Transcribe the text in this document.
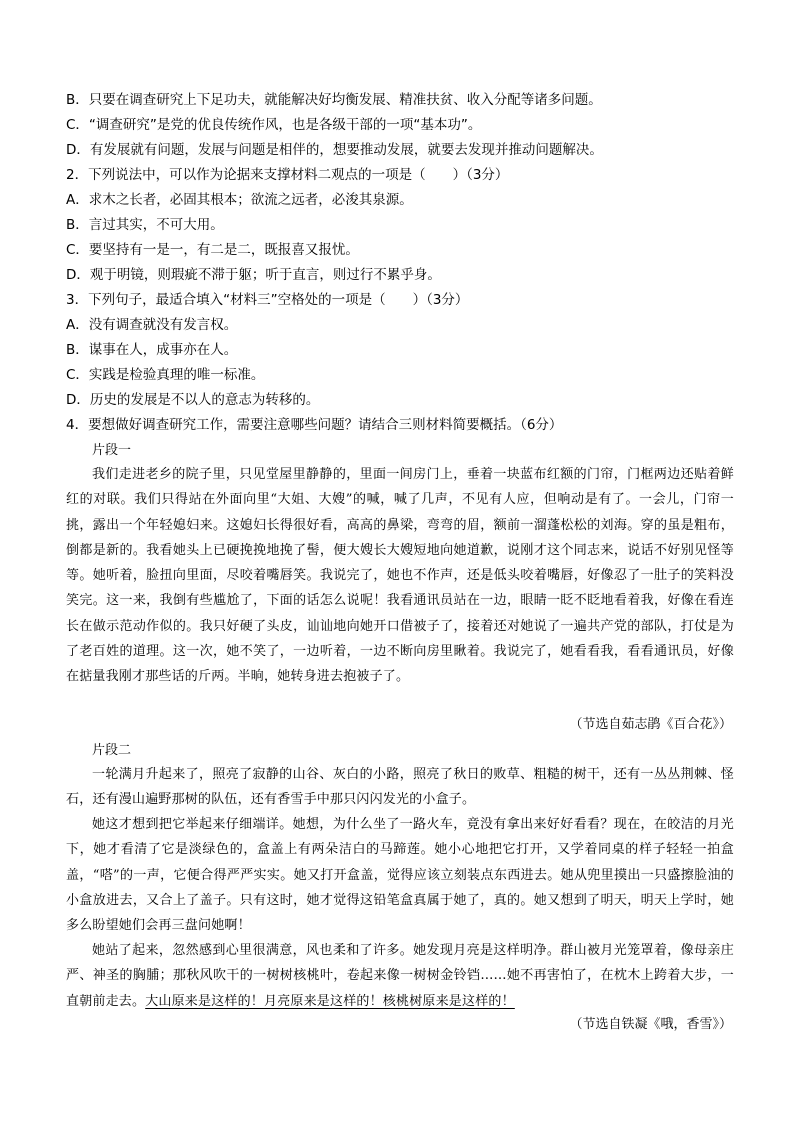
B．只要在调查研究上下足功夫，就能解决好均衡发展、精准扶贫、收入分配等诸多问题。
C．“调查研究”是党的优良传统作风，也是各级干部的一项“基本功”。
D．有发展就有问题，发展与问题是相伴的，想要推动发展，就要去发现并推动问题解决。
2．下列说法中，可以作为论据来支撑材料二观点的一项是（　　）（3分）
A．求木之长者，必固其根本；欲流之远者，必浚其泉源。
B．言过其实，不可大用。
C．要坚持有一是一，有二是二，既报喜又报忧。
D．观于明镜，则瑕疵不滞于躯；听于直言，则过行不累乎身。
3．下列句子，最适合填入“材料三”空格处的一项是（　　）（3分）
A．没有调查就没有发言权。
B．谋事在人，成事亦在人。
C．实践是检验真理的唯一标准。
D．历史的发展是不以人的意志为转移的。
4．要想做好调查研究工作，需要注意哪些问题？请结合三则材料简要概括。（6分）
片段一
我们走进老乡的院子里，只见堂屋里静静的，里面一间房门上，垂着一块蓝布红额的门帘，门框两边还贴着鲜红的对联。我们只得站在外面向里“大姐、大嫂”的喊，喊了几声，不见有人应，但响动是有了。一会儿，门帘一挑，露出一个年轻媳妇来。这媳妇长得很好看，高高的鼻梁，弯弯的眉，额前一溜蓬松松的刘海。穿的虽是粗布，倒都是新的。我看她头上已硬挽挽地挽了髻，便大嫂长大嫂短地向她道歉，说刚才这个同志来，说话不好别见怪等等。她听着，脸扭向里面，尽咬着嘴唇笑。我说完了，她也不作声，还是低头咬着嘴唇，好像忍了一肚子的笑料没笑完。这一来，我倒有些尴尬了，下面的话怎么说呢！我看通讯员站在一边，眼睛一眨不眨地看着我，好像在看连长在做示范动作似的。我只好硬了头皮，讪讪地向她开口借被子了，接着还对她说了一遍共产党的部队，打仗是为了老百姓的道理。这一次，她不笑了，一边听着，一边不断向房里瞅着。我说完了，她看看我，看看通讯员，好像在掂量我刚才那些话的斤两。半晌，她转身进去抱被子了。
（节选自茹志鹃《百合花》）
片段二
一轮满月升起来了，照亮了寂静的山谷、灰白的小路，照亮了秋日的败草、粗糙的树干，还有一丛丛荆棘、怪石，还有漫山遍野那树的队伍，还有香雪手中那只闪闪发光的小盒子。
她这才想到把它举起来仔细端详。她想，为什么坐了一路火车，竟没有拿出来好好看看？现在，在皎洁的月光下，她才看清了它是淡绿色的，盒盖上有两朵洁白的马蹄莲。她小心地把它打开，又学着同桌的样子轻轻一拍盒盖，“嗒”的一声，它便合得严严实实。她又打开盒盖，觉得应该立刻装点东西进去。她从兜里摸出一只盛擦脸油的小盒放进去，又合上了盖子。只有这时，她才觉得这铅笔盒真属于她了，真的。她又想到了明天，明天上学时，她多么盼望她们会再三盘问她啊！
她站了起来，忽然感到心里很满意，风也柔和了许多。她发现月亮是这样明净。群山被月光笼罩着，像母亲庄严、神圣的胸脯；那秋风吹干的一树树核桃叶，卷起来像一树树金铃铛……她不再害怕了，在枕木上跨着大步，一直朝前走去。大山原来是这样的！月亮原来是这样的！核桃树原来是这样的！
（节选自铁凝《哦，香雪》）
